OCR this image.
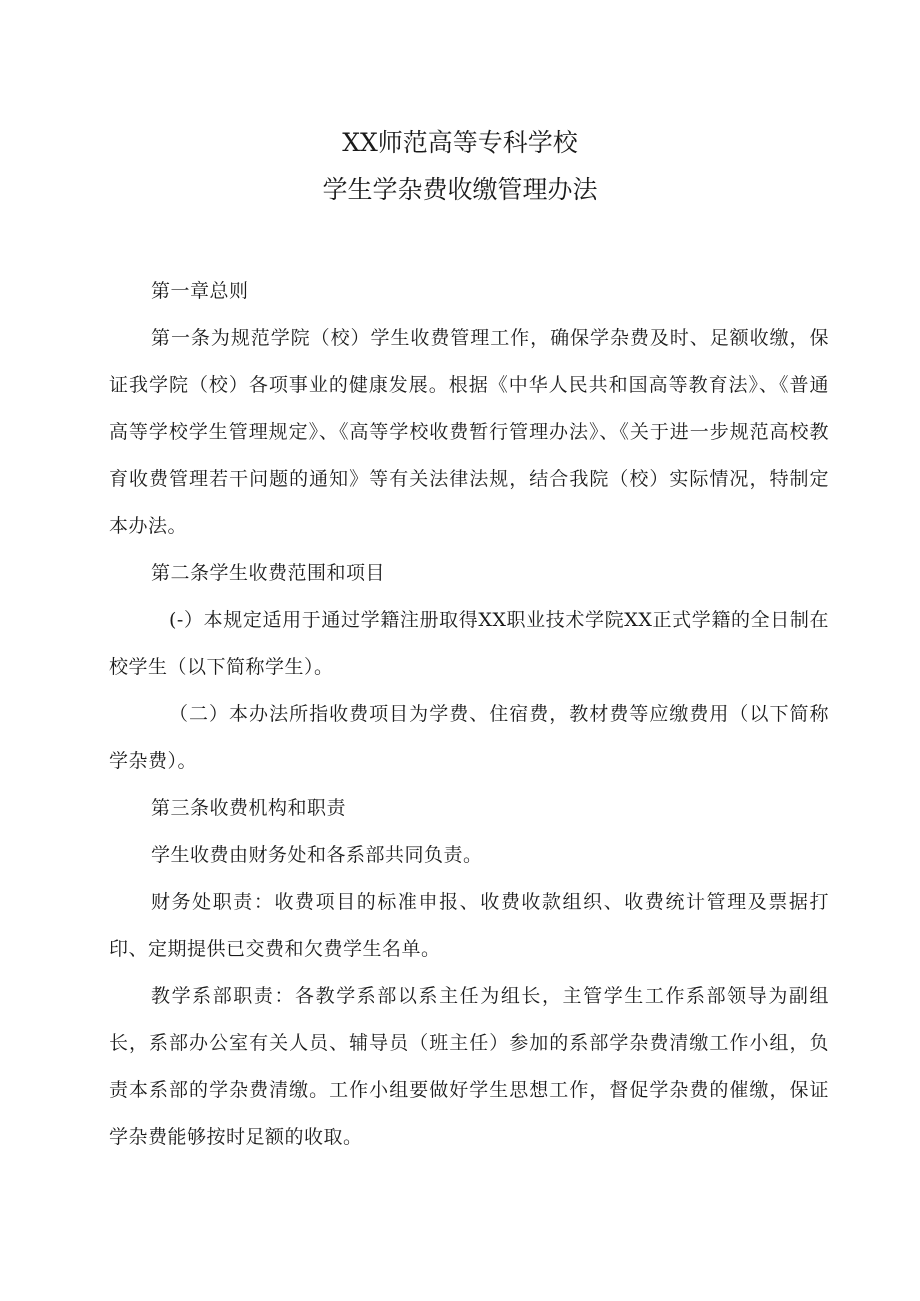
XX师范高等专科学校
学生学杂费收缴管理办法

第一章总则

第一条为规范学院（校）学生收费管理工作，确保学杂费及时、足额收缴，保证我学院（校）各项事业的健康发展。根据《中华人民共和国高等教育法》、《普通高等学校学生管理规定》、《高等学校收费暂行管理办法》、《关于进一步规范高校教育收费管理若干问题的通知》等有关法律法规，结合我院（校）实际情况，特制定本办法。

第二条学生收费范围和项目

(-）本规定适用于通过学籍注册取得XX职业技术学院XX正式学籍的全日制在校学生（以下简称学生）。

（二）本办法所指收费项目为学费、住宿费，教材费等应缴费用（以下简称学杂费）。

第三条收费机构和职责

学生收费由财务处和各系部共同负责。

财务处职责：收费项目的标准申报、收费收款组织、收费统计管理及票据打印、定期提供已交费和欠费学生名单。

教学系部职责：各教学系部以系主任为组长，主管学生工作系部领导为副组长，系部办公室有关人员、辅导员（班主任）参加的系部学杂费清缴工作小组，负责本系部的学杂费清缴。工作小组要做好学生思想工作，督促学杂费的催缴，保证学杂费能够按时足额的收取。
